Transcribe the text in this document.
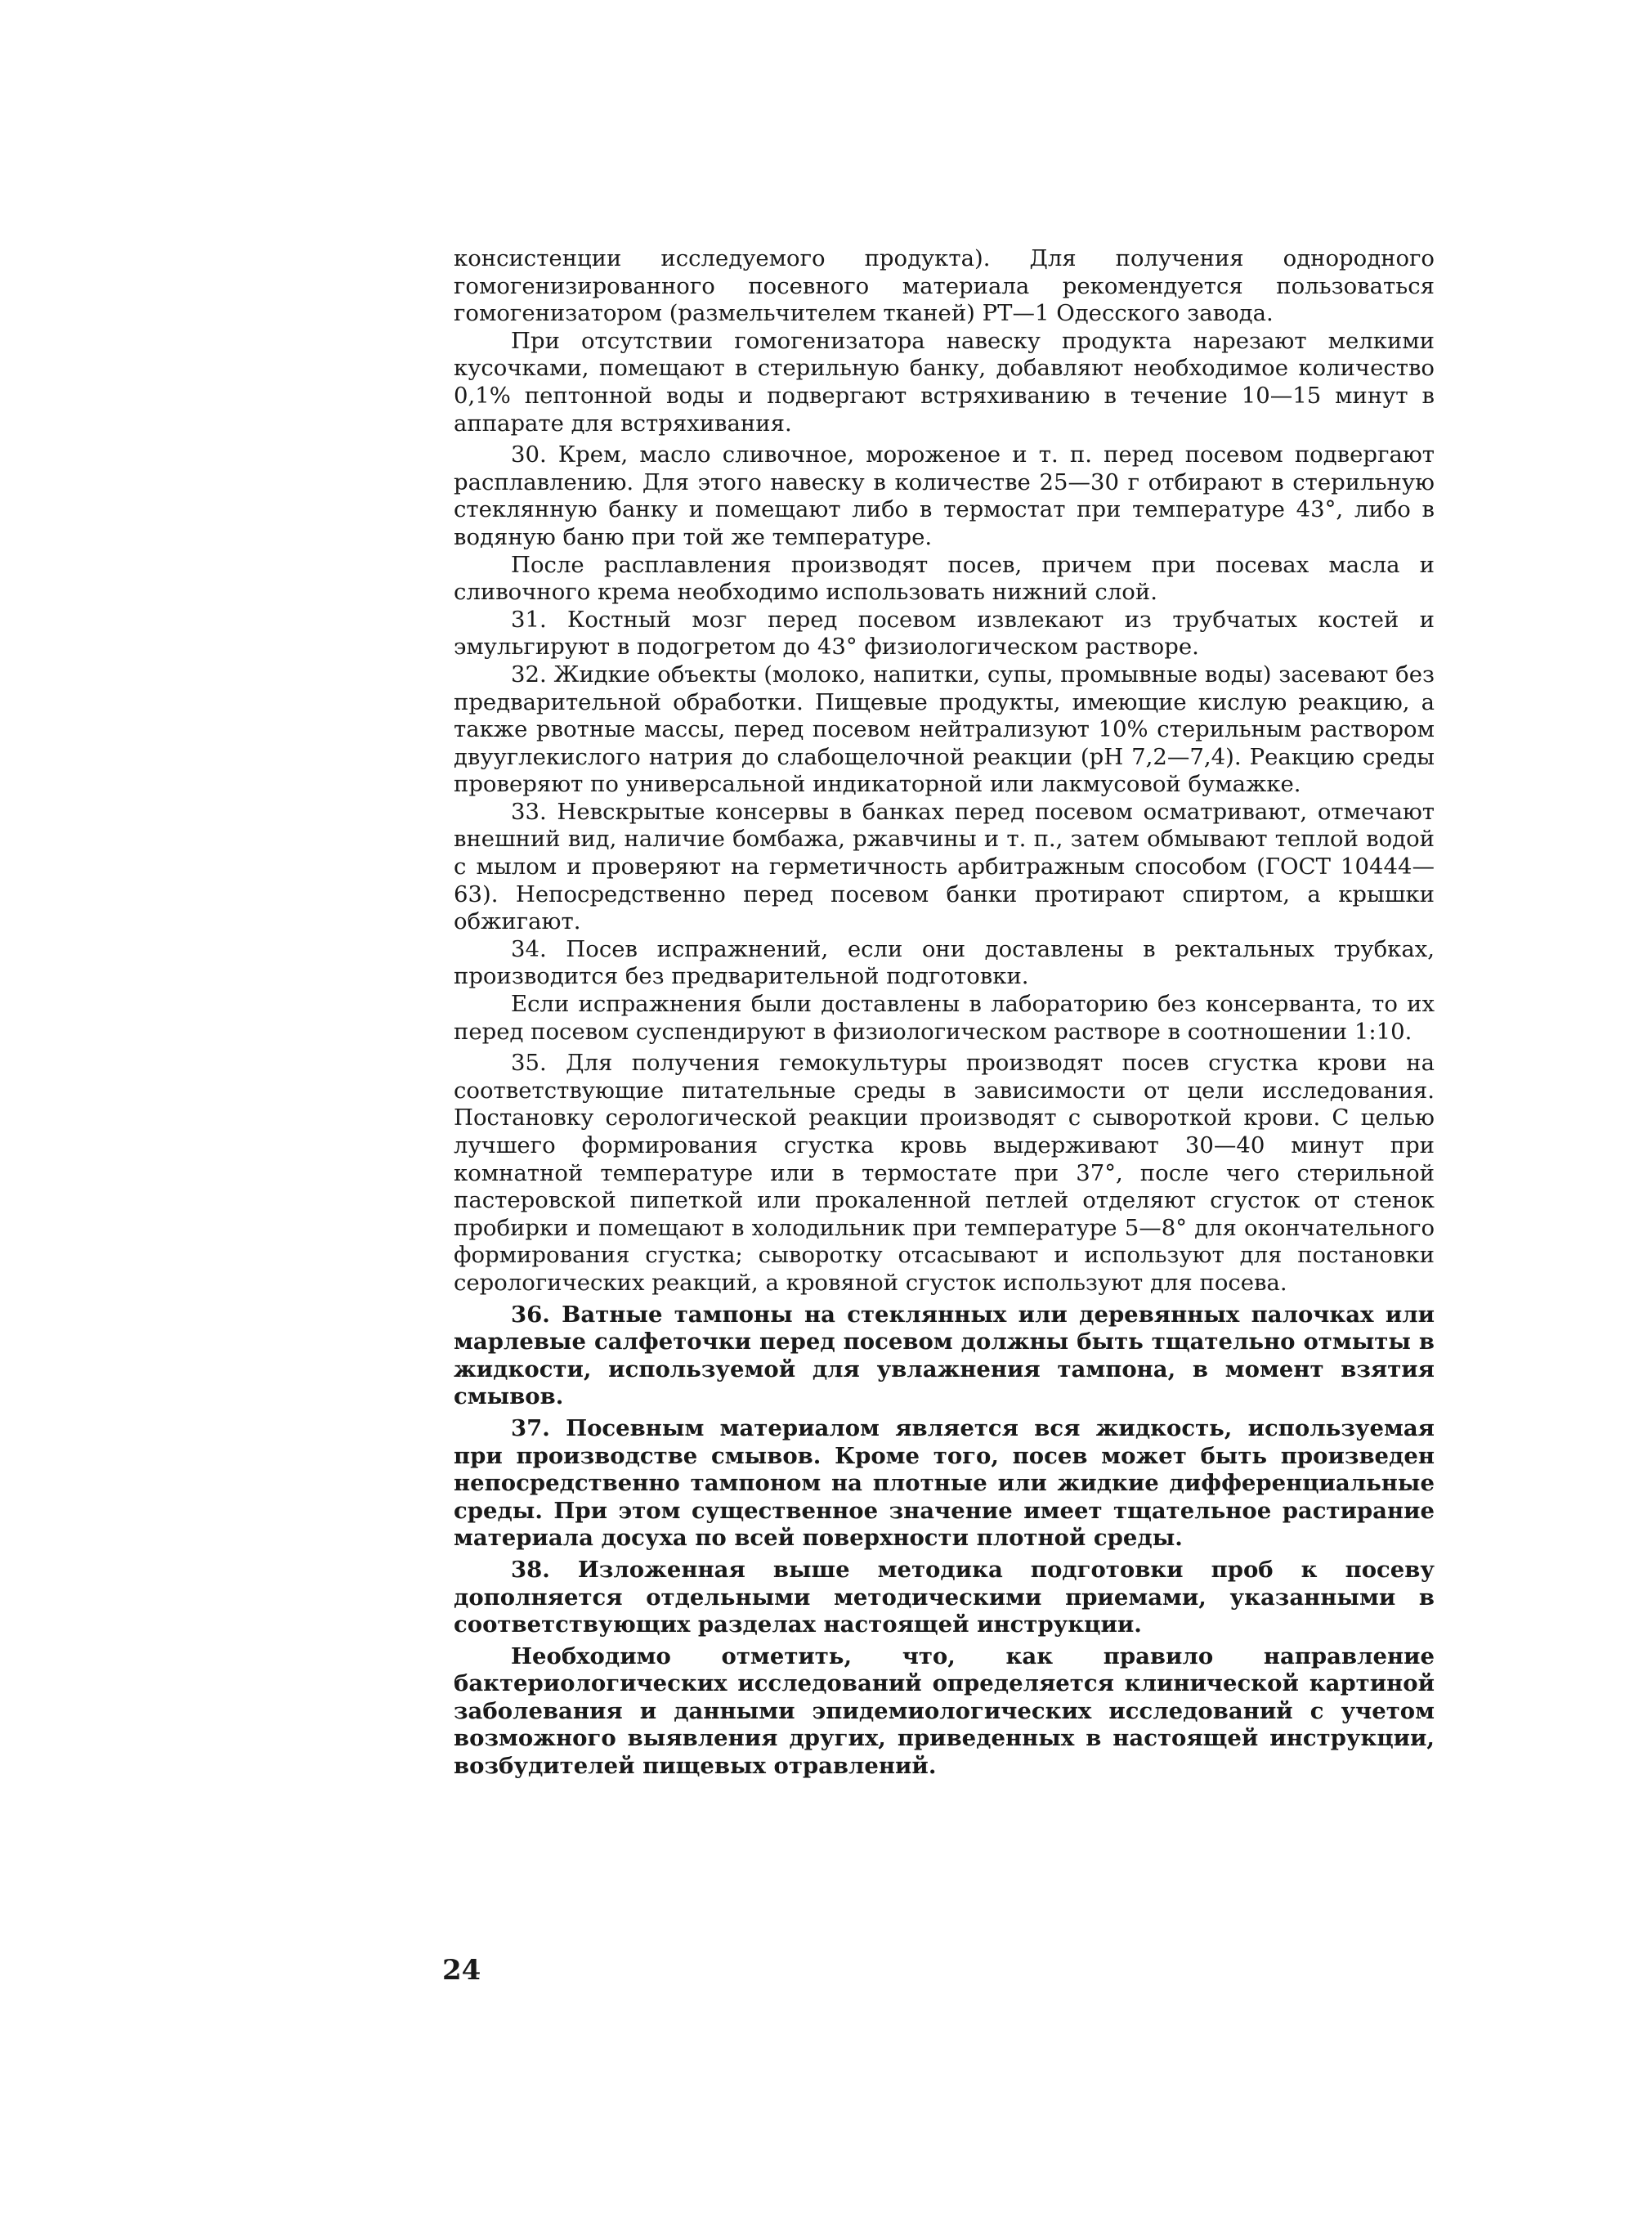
консистенции исследуемого продукта). Для получения однородного гомогенизированного посевного материала рекомендуется пользоваться гомогенизатором (размельчителем тканей) РТ—1 Одесского завода.

При отсутствии гомогенизатора навеску продукта нарезают мелкими кусочками, помещают в стерильную банку, добавляют необходимое количество 0,1% пептонной воды и подвергают встряхиванию в течение 10—15 минут в аппарате для встряхивания.

30. Крем, масло сливочное, мороженое и т. п. перед посевом подвергают расплавлению. Для этого навеску в количестве 25—30 г отбирают в стерильную стеклянную банку и помещают либо в термостат при температуре 43°, либо в водяную баню при той же температуре.

После расплавления производят посев, причем при посевах масла и сливочного крема необходимо использовать нижний слой.

31. Костный мозг перед посевом извлекают из трубчатых костей и эмульгируют в подогретом до 43° физиологическом растворе.

32. Жидкие объекты (молоко, напитки, супы, промывные воды) засевают без предварительной обработки. Пищевые продукты, имеющие кислую реакцию, а также рвотные массы, перед посевом нейтрализуют 10% стерильным раствором двууглекислого натрия до слабощелочной реакции (pH 7,2—7,4). Реакцию среды проверяют по универсальной индикаторной или лакмусовой бумажке.

33. Невскрытые консервы в банках перед посевом осматривают, отмечают внешний вид, наличие бомбажа, ржавчины и т. п., затем обмывают теплой водой с мылом и проверяют на герметичность арбитражным способом (ГОСТ 10444—63). Непосредственно перед посевом банки протирают спиртом, а крышки обжигают.

34. Посев испражнений, если они доставлены в ректальных трубках, производится без предварительной подготовки.

Если испражнения были доставлены в лабораторию без консерванта, то их перед посевом суспендируют в физиологическом растворе в соотношении 1:10.

35. Для получения гемокультуры производят посев сгустка крови на соответствующие питательные среды в зависимости от цели исследования. Постановку серологической реакции производят с сывороткой крови. С целью лучшего формирования сгустка кровь выдерживают 30—40 минут при комнатной температуре или в термостате при 37°, после чего стерильной пастеровской пипеткой или прокаленной петлей отделяют сгусток от стенок пробирки и помещают в холодильник при температуре 5—8° для окончательного формирования сгустка; сыворотку отсасывают и используют для постановки серологических реакций, а кровяной сгусток используют для посева.

36. Ватные тампоны на стеклянных или деревянных палочках или марлевые салфеточки перед посевом должны быть тщательно отмыты в жидкости, используемой для увлажнения тампона, в момент взятия смывов.

37. Посевным материалом является вся жидкость, используемая при производстве смывов. Кроме того, посев может быть произведен непосредственно тампоном на плотные или жидкие дифференциальные среды. При этом существенное значение имеет тщательное растирание материала досуха по всей поверхности плотной среды.

38. Изложенная выше методика подготовки проб к посеву дополняется отдельными методическими приемами, указанными в соответствующих разделах настоящей инструкции.

Необходимо отметить, что, как правило направление бактериологических исследований определяется клинической картиной заболевания и данными эпидемиологических исследований с учетом возможного выявления других, приведенных в настоящей инструкции, возбудителей пищевых отравлений.

24
